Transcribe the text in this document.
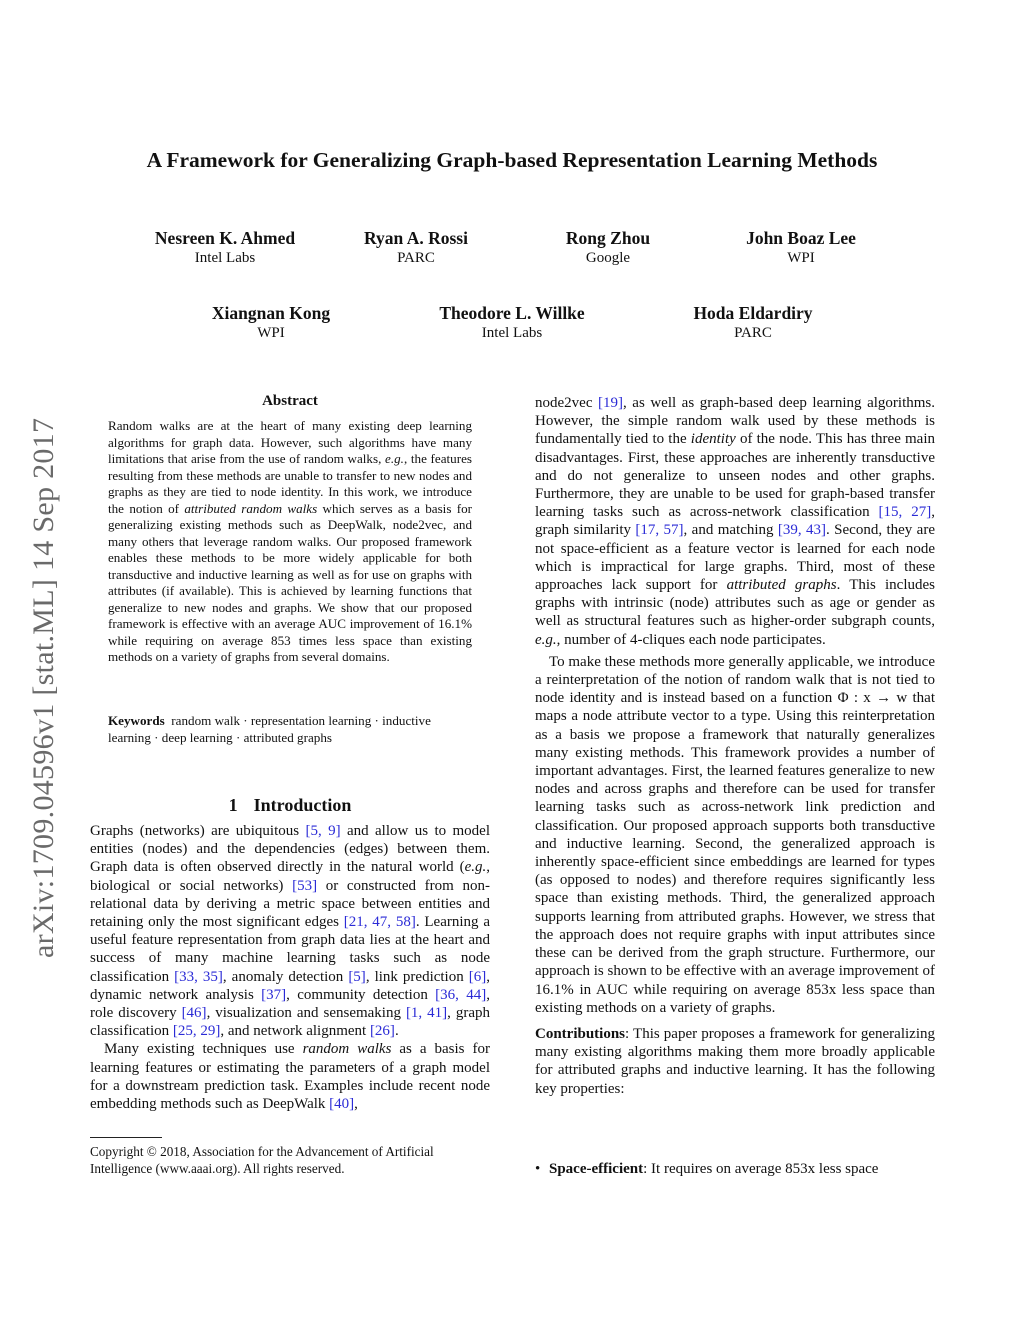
arXiv:1709.04596v1 [stat.ML] 14 Sep 2017
A Framework for Generalizing Graph-based Representation Learning Methods
Nesreen K. Ahmed
Intel Labs
Ryan A. Rossi
PARC
Rong Zhou
Google
John Boaz Lee
WPI
Xiangnan Kong
WPI
Theodore L. Willke
Intel Labs
Hoda Eldardiry
PARC
Abstract

Random walks are at the heart of many existing deep learning algorithms for graph data. However, such algorithms have many limitations that arise from the use of random walks, e.g., the features resulting from these methods are unable to transfer to new nodes and graphs as they are tied to node identity. In this work, we introduce the notion of attributed random walks which serves as a basis for generalizing existing methods such as DeepWalk, node2vec, and many others that leverage random walks. Our proposed framework enables these methods to be more widely applicable for both transductive and inductive learning as well as for use on graphs with attributes (if available). This is achieved by learning functions that generalize to new nodes and graphs. We show that our proposed framework is effective with an average AUC improvement of 16.1% while requiring on average 853 times less space than existing methods on a variety of graphs from several domains.

Keywords random walk · representation learning · inductive learning · deep learning · attributed graphs
1 Introduction

Graphs (networks) are ubiquitous [5, 9] and allow us to model entities (nodes) and the dependencies (edges) between them. Graph data is often observed directly in the natural world (e.g., biological or social networks) [53] or constructed from non-relational data by deriving a metric space between entities and retaining only the most significant edges [21, 47, 58]. Learning a useful feature representation from graph data lies at the heart and success of many machine learning tasks such as node classification [33, 35], anomaly detection [5], link prediction [6], dynamic network analysis [37], community detection [36, 44], role discovery [46], visualization and sensemaking [1, 41], graph classification [25, 29], and network alignment [26].

Many existing techniques use random walks as a basis for learning features or estimating the parameters of a graph model for a downstream prediction task. Examples include recent node embedding methods such as DeepWalk [40],

Copyright © 2018, Association for the Advancement of Artificial Intelligence (www.aaai.org). All rights reserved.

node2vec [19], as well as graph-based deep learning algorithms. However, the simple random walk used by these methods is fundamentally tied to the identity of the node. This has three main disadvantages. First, these approaches are inherently transductive and do not generalize to unseen nodes and other graphs. Furthermore, they are unable to be used for graph-based transfer learning tasks such as across-network classification [15, 27], graph similarity [17, 57], and matching [39, 43]. Second, they are not space-efficient as a feature vector is learned for each node which is impractical for large graphs. Third, most of these approaches lack support for attributed graphs. This includes graphs with intrinsic (node) attributes such as age or gender as well as structural features such as higher-order subgraph counts, e.g., number of 4-cliques each node participates.

To make these methods more generally applicable, we introduce a reinterpretation of the notion of random walk that is not tied to node identity and is instead based on a function Φ : x → w that maps a node attribute vector to a type. Using this reinterpretation as a basis we propose a framework that naturally generalizes many existing methods. This framework provides a number of important advantages. First, the learned features generalize to new nodes and across graphs and therefore can be used for transfer learning tasks such as across-network link prediction and classification. Our proposed approach supports both transductive and inductive learning. Second, the generalized approach is inherently space-efficient since embeddings are learned for types (as opposed to nodes) and therefore requires significantly less space than existing methods. Third, the generalized approach supports learning from attributed graphs. However, we stress that the approach does not require graphs with input attributes since these can be derived from the graph structure. Furthermore, our approach is shown to be effective with an average improvement of 16.1% in AUC while requiring on average 853x less space than existing methods on a variety of graphs.

Contributions: This paper proposes a framework for generalizing many existing algorithms making them more broadly applicable for attributed graphs and inductive learning. It has the following key properties:

• Space-efficient: It requires on average 853x less space
